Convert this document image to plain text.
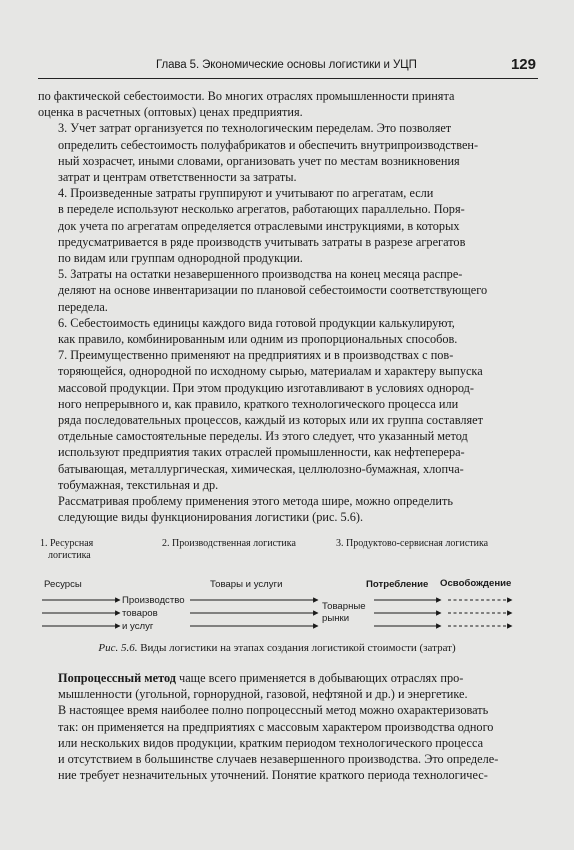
Глава 5. Экономические основы логистики и УЦП	129

по фактической себестоимости. Во многих отраслях промышленности принята
оценка в расчетных (оптовых) ценах предприятия.

3. Учет затрат организуется по технологическим переделам. Это позволяет
определить себестоимость полуфабрикатов и обеспечить внутрипроизводствен-
ный хозрасчет, иными словами, организовать учет по местам возникновения
затрат и центрам ответственности за затраты.

4. Произведенные затраты группируют и учитывают по агрегатам, если
в переделе используют несколько агрегатов, работающих параллельно. Поря-
док учета по агрегатам определяется отраслевыми инструкциями, в которых
предусматривается в ряде производств учитывать затраты в разрезе агрегатов
по видам или группам однородной продукции.

5. Затраты на остатки незавершенного производства на конец месяца распре-
деляют на основе инвентаризации по плановой себестоимости соответствующего
передела.

6. Себестоимость единицы каждого вида готовой продукции калькулируют,
как правило, комбинированным или одним из пропорциональных способов.

7. Преимущественно применяют на предприятиях и в производствах с пов-
торяющейся, однородной по исходному сырью, материалам и характеру выпуска
массовой продукции. При этом продукцию изготавливают в условиях однород-
ного непрерывного и, как правило, краткого технологического процесса или
ряда последовательных процессов, каждый из которых или их группа составляет
отдельные самостоятельные переделы. Из этого следует, что указанный метод
используют предприятия таких отраслей промышленности, как нефтеперера-
батывающая, металлургическая, химическая, целлюлозно-бумажная, хлопча-
тобумажная, текстильная и др.

Рассматривая проблему применения этого метода шире, можно определить
следующие виды функционирования логистики (рис. 5.6).

1. Ресурсная
логистика
2. Производственная логистика	3. Продуктово-сервисная логистика
Ресурсы	Товары и услуги	Потребление Освобождение
Производство
товаров
и услуг
Товарные
рынки
Рис. 5.6. Виды логистики на этапах создания логистикой стоимости (затрат)

Попроцессный метод чаще всего применяется в добывающих отраслях про-
мышленности (угольной, горнорудной, газовой, нефтяной и др.) и энергетике.
В настоящее время наиболее полно попроцессный метод можно охарактеризовать
так: он применяется на предприятиях с массовым характером производства одного
или нескольких видов продукции, кратким периодом технологического процесса
и отсутствием в большинстве случаев незавершенного производства. Это определе-
ние требует незначительных уточнений. Понятие краткого периода технологичес-
